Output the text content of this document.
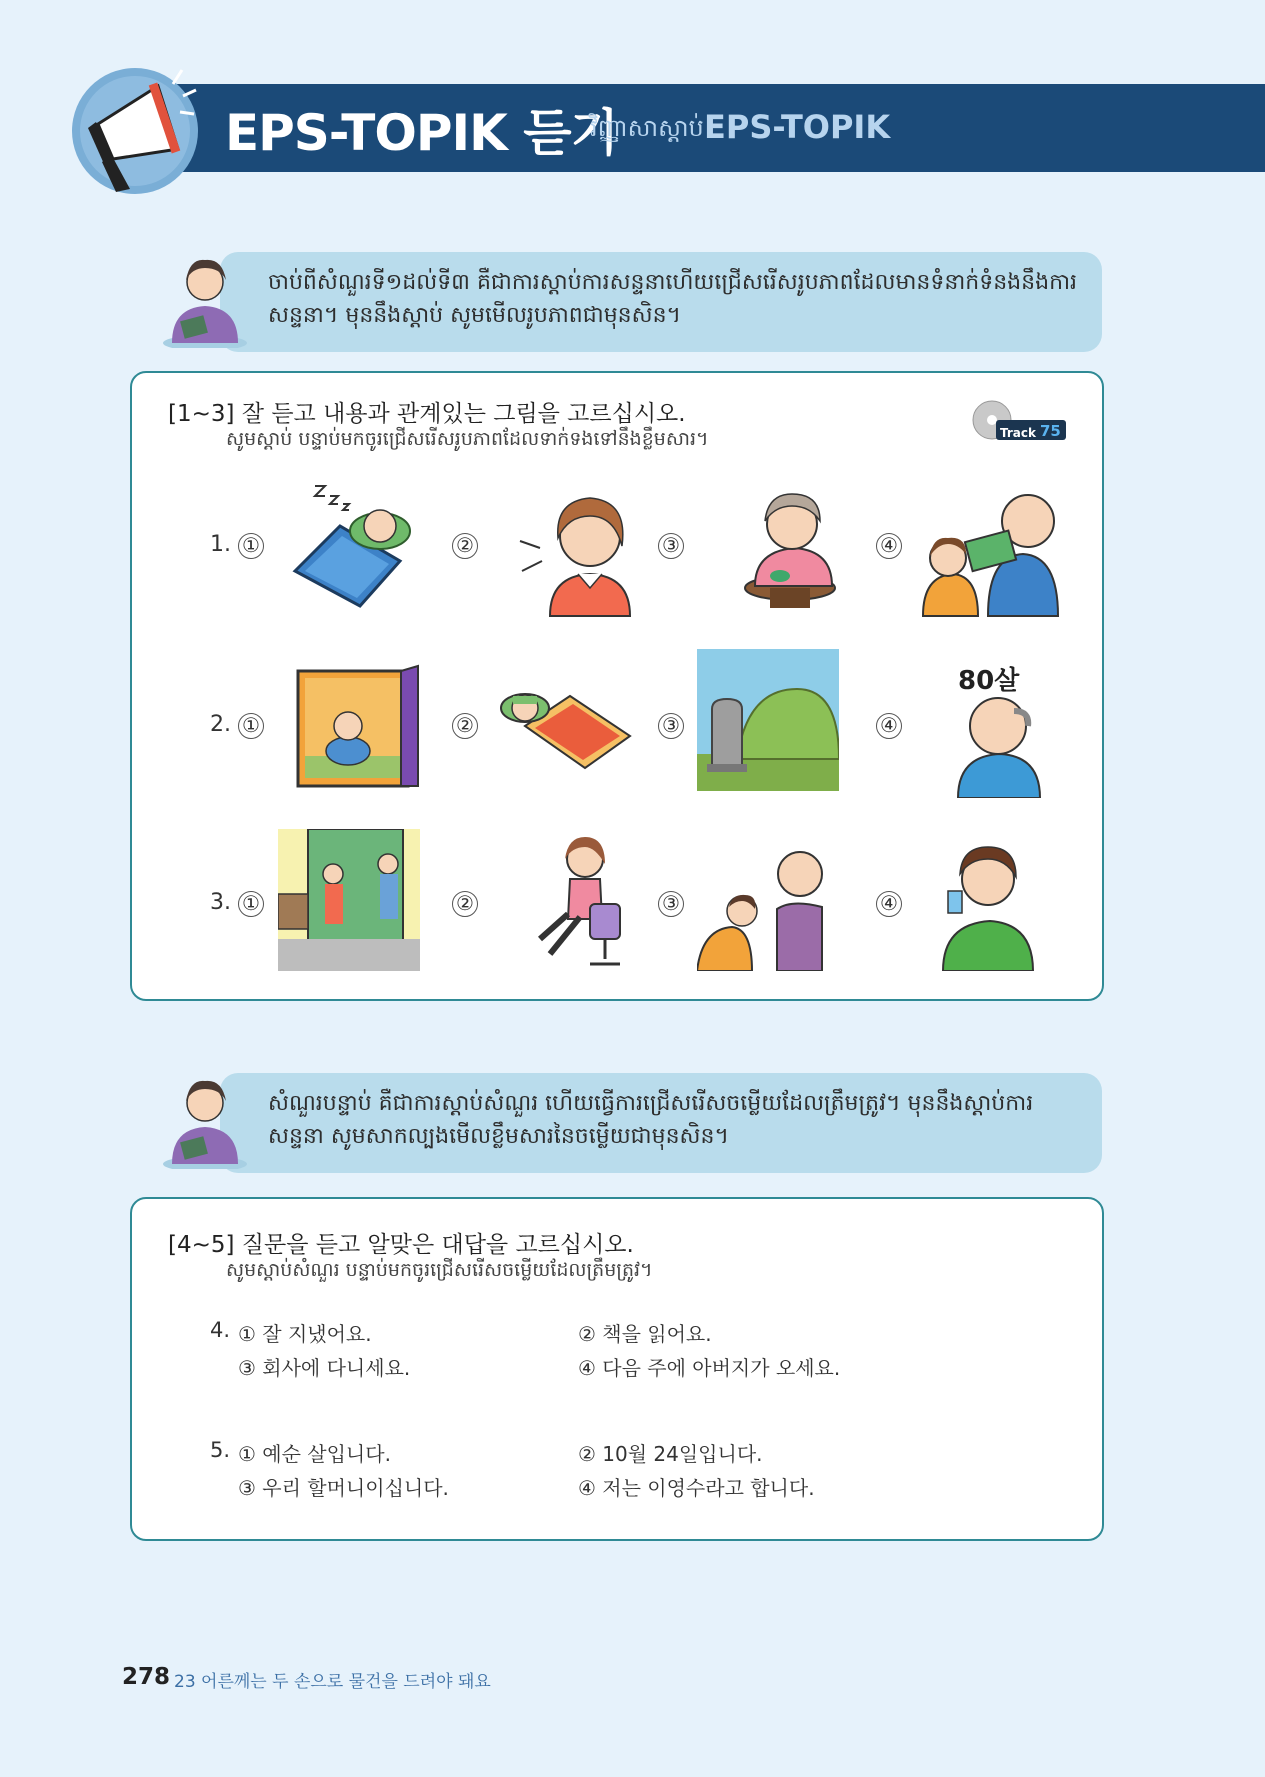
EPS-TOPIK 듣기
វិញ្ញាសាស្តាប់ EPS-TOPIK
ចាប់ពីសំណួរទី១ដល់ទី៣ គឺជាការស្តាប់ការសន្ទនាហើយជ្រើសរើសរូបភាពដែលមានទំនាក់ទំនងនឹងការសន្ទនា។ មុននឹងស្តាប់ សូមមើលរូបភាពជាមុនសិន។
[1~3] 잘 듣고 내용과 관계있는 그림을 고르십시오.
សូមស្តាប់ បន្ទាប់មកចូរជ្រើសរើសរូបភាពដែលទាក់ទងទៅនឹងខ្លឹមសារ។	Track 75
1. ①	②	③	④
2. ①	②	③	④
80살
3. ①	②	③	④
សំណួរបន្ទាប់ គឺជាការស្តាប់សំណួរ ហើយធ្វើការជ្រើសរើសចម្លើយដែលត្រឹមត្រូវ។ មុននឹងស្តាប់ការសន្ទនា សូមសាកល្បងមើលខ្លឹមសារនៃចម្លើយជាមុនសិន។
[4~5] 질문을 듣고 알맞은 대답을 고르십시오.
សូមស្តាប់សំណួរ បន្ទាប់មកចូរជ្រើសរើសចម្លើយដែលត្រឹមត្រូវ។
4. ① 잘 지냈어요.	② 책을 읽어요.
③ 회사에 다니세요.	④ 다음 주에 아버지가 오세요.
5. ① 예순 살입니다.	② 10월 24일입니다.
③ 우리 할머니이십니다.	④ 저는 이영수라고 합니다.
278 23 어른께는 두 손으로 물건을 드려야 돼요
